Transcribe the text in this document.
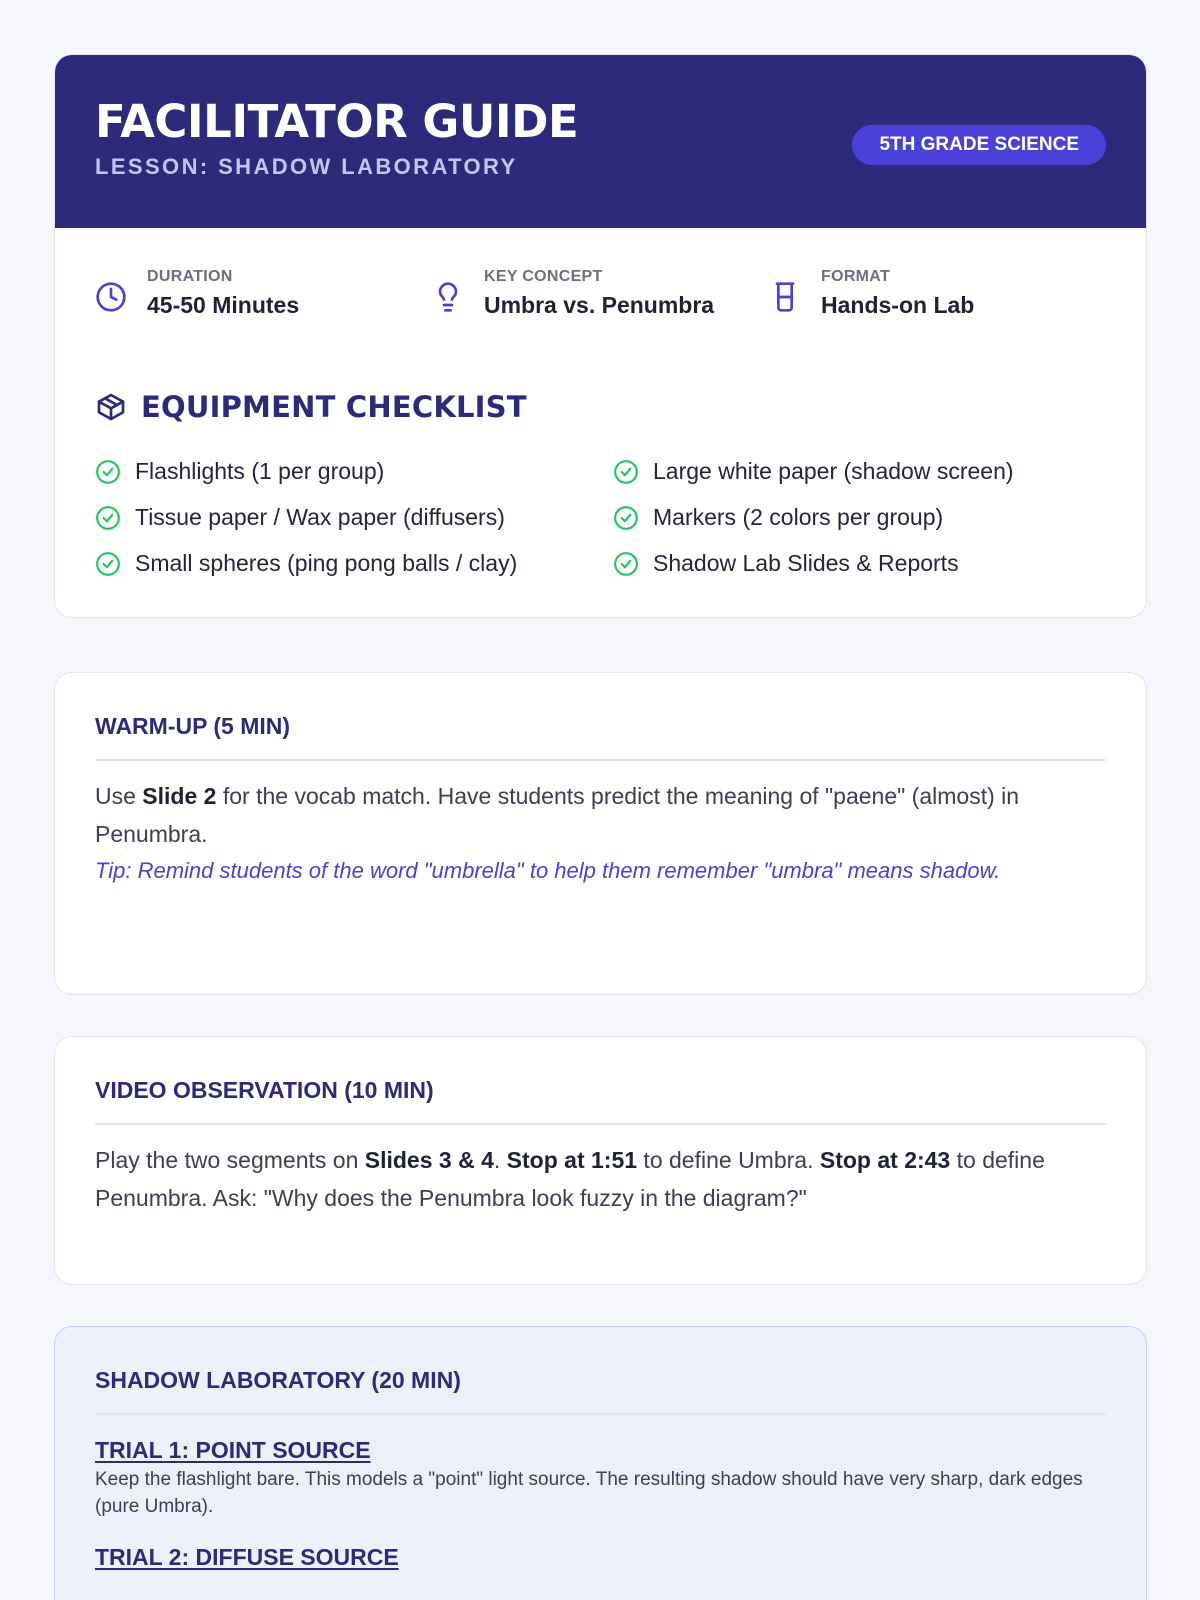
FACILITATOR GUIDE
LESSON: SHADOW LABORATORY
5TH GRADE SCIENCE
DURATION
45-50 Minutes
KEY CONCEPT
Umbra vs. Penumbra
FORMAT
Hands-on Lab
EQUIPMENT CHECKLIST
Flashlights (1 per group)	Large white paper (shadow screen)
Tissue paper / Wax paper (diffusers)	Markers (2 colors per group)
Small spheres (ping pong balls / clay)	Shadow Lab Slides & Reports
WARM-UP (5 MIN)
Use Slide 2 for the vocab match. Have students predict the meaning of "paene" (almost) in Penumbra.
Tip: Remind students of the word "umbrella" to help them remember "umbra" means shadow.
VIDEO OBSERVATION (10 MIN)
Play the two segments on Slides 3 & 4. Stop at 1:51 to define Umbra. Stop at 2:43 to define Penumbra. Ask: "Why does the Penumbra look fuzzy in the diagram?"
SHADOW LABORATORY (20 MIN)
TRIAL 1: POINT SOURCE
Keep the flashlight bare. This models a "point" light source. The resulting shadow should have very sharp, dark edges (pure Umbra).
TRIAL 2: DIFFUSE SOURCE
